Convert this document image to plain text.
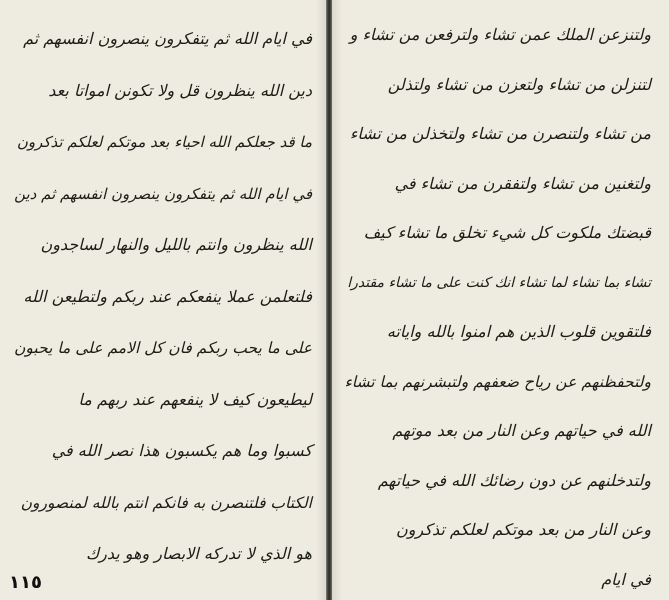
في ايام الله ثم يتفكرون ينصرون انفسهم ثم
دين الله ينظرون قل ولا تكونن امواتا بعد
ما قد جعلكم الله احياء بعد موتكم لعلكم تذكرون
في ايام الله ثم يتفكرون ينصرون انفسهم ثم دين
الله ينظرون وانتم بالليل والنهار لساجدون
فلتعلمن عملا ينفعكم عند ربكم ولتطيعن الله
على ما يحب ربكم فان كل الامم على ما يحبون
ليطيعون كيف لا ينفعهم عند ربهم ما
كسبوا وما هم يكسبون هذا نصر الله في
الكتاب فلتنصرن به فانكم انتم بالله لمنصورون
هو الذي لا تدركه الابصار وهو يدرك
١١٥
ولتنزعن الملك عمن تشاء ولترفعن من تشاء و
لتنزلن من تشاء ولتعزن من تشاء ولتذلن
من تشاء ولتنصرن من تشاء ولتخذلن من تشاء
ولتغنين من تشاء ولتفقرن من تشاء في
قبضتك ملكوت كل شيء تخلق ما تشاء كيف
تشاء بما تشاء لما تشاء انك كنت على ما تشاء مقتدرا
فلتقوين قلوب الذين هم امنوا بالله واياته
ولتحفظنهم عن رياح ضعفهم ولتبشرنهم بما تشاء
الله في حياتهم وعن النار من بعد موتهم
ولتدخلنهم عن دون رضائك الله في حياتهم
وعن النار من بعد موتكم لعلكم تذكرون
في ايام
